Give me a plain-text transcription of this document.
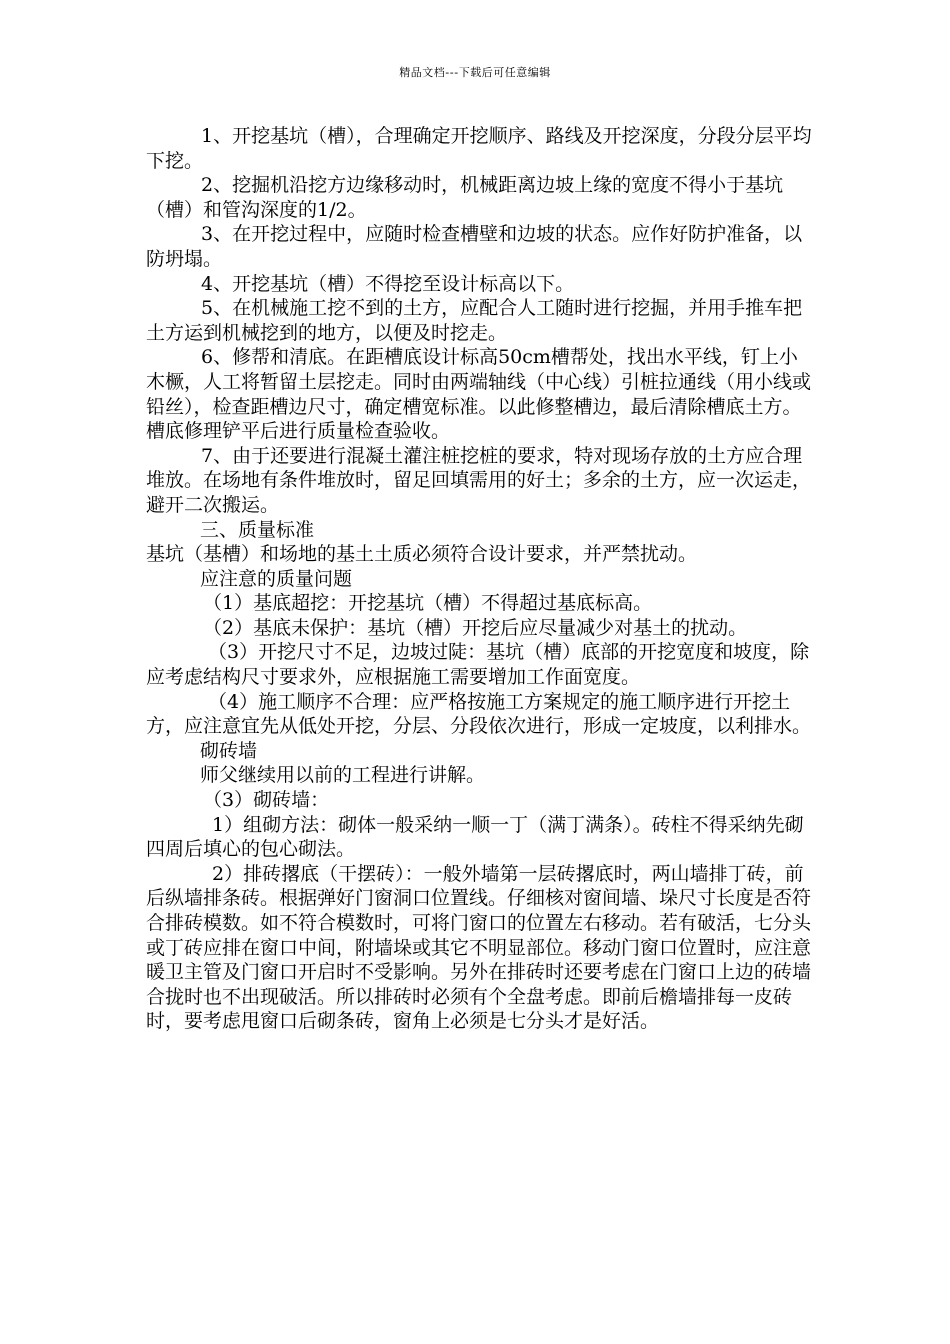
精品文档---下载后可任意编辑

1、开挖基坑（槽），合理确定开挖顺序、路线及开挖深度，分段分层平均下挖。

2、挖掘机沿挖方边缘移动时，机械距离边坡上缘的宽度不得小于基坑（槽）和管沟深度的1/2。

3、在开挖过程中，应随时检查槽壁和边坡的状态。应作好防护准备，以防坍塌。

4、开挖基坑（槽）不得挖至设计标高以下。

5、在机械施工挖不到的土方，应配合人工随时进行挖掘，并用手推车把土方运到机械挖到的地方，以便及时挖走。

6、修帮和清底。在距槽底设计标高50cm槽帮处，找出水平线，钉上小木橛，人工将暂留土层挖走。同时由两端轴线（中心线）引桩拉通线（用小线或铅丝），检查距槽边尺寸，确定槽宽标准。以此修整槽边，最后清除槽底土方。槽底修理铲平后进行质量检查验收。

7、由于还要进行混凝土灌注桩挖桩的要求，特对现场存放的土方应合理堆放。在场地有条件堆放时，留足回填需用的好土；多余的土方，应一次运走，避开二次搬运。

三、质量标准

基坑（基槽）和场地的基土土质必须符合设计要求，并严禁扰动。

应注意的质量问题

（1）基底超挖：开挖基坑（槽）不得超过基底标高。

（2）基底未保护：基坑（槽）开挖后应尽量减少对基土的扰动。

（3）开挖尺寸不足，边坡过陡：基坑（槽）底部的开挖宽度和坡度，除应考虑结构尺寸要求外，应根据施工需要增加工作面宽度。

（4）施工顺序不合理：应严格按施工方案规定的施工顺序进行开挖土方，应注意宜先从低处开挖，分层、分段依次进行，形成一定坡度，以利排水。

砌砖墙

师父继续用以前的工程进行讲解。

（3）砌砖墙：

1）组砌方法：砌体一般采纳一顺一丁（满丁满条）。砖柱不得采纳先砌四周后填心的包心砌法。

2）排砖撂底（干摆砖）：一般外墙第一层砖撂底时，两山墙排丁砖，前后纵墙排条砖。根据弹好门窗洞口位置线。仔细核对窗间墙、垛尺寸长度是否符合排砖模数。如不符合模数时，可将门窗口的位置左右移动。若有破活，七分头或丁砖应排在窗口中间，附墙垛或其它不明显部位。移动门窗口位置时，应注意暖卫主管及门窗口开启时不受影响。另外在排砖时还要考虑在门窗口上边的砖墙合拢时也不出现破活。所以排砖时必须有个全盘考虑。即前后檐墙排每一皮砖时，要考虑甩窗口后砌条砖，窗角上必须是七分头才是好活。
